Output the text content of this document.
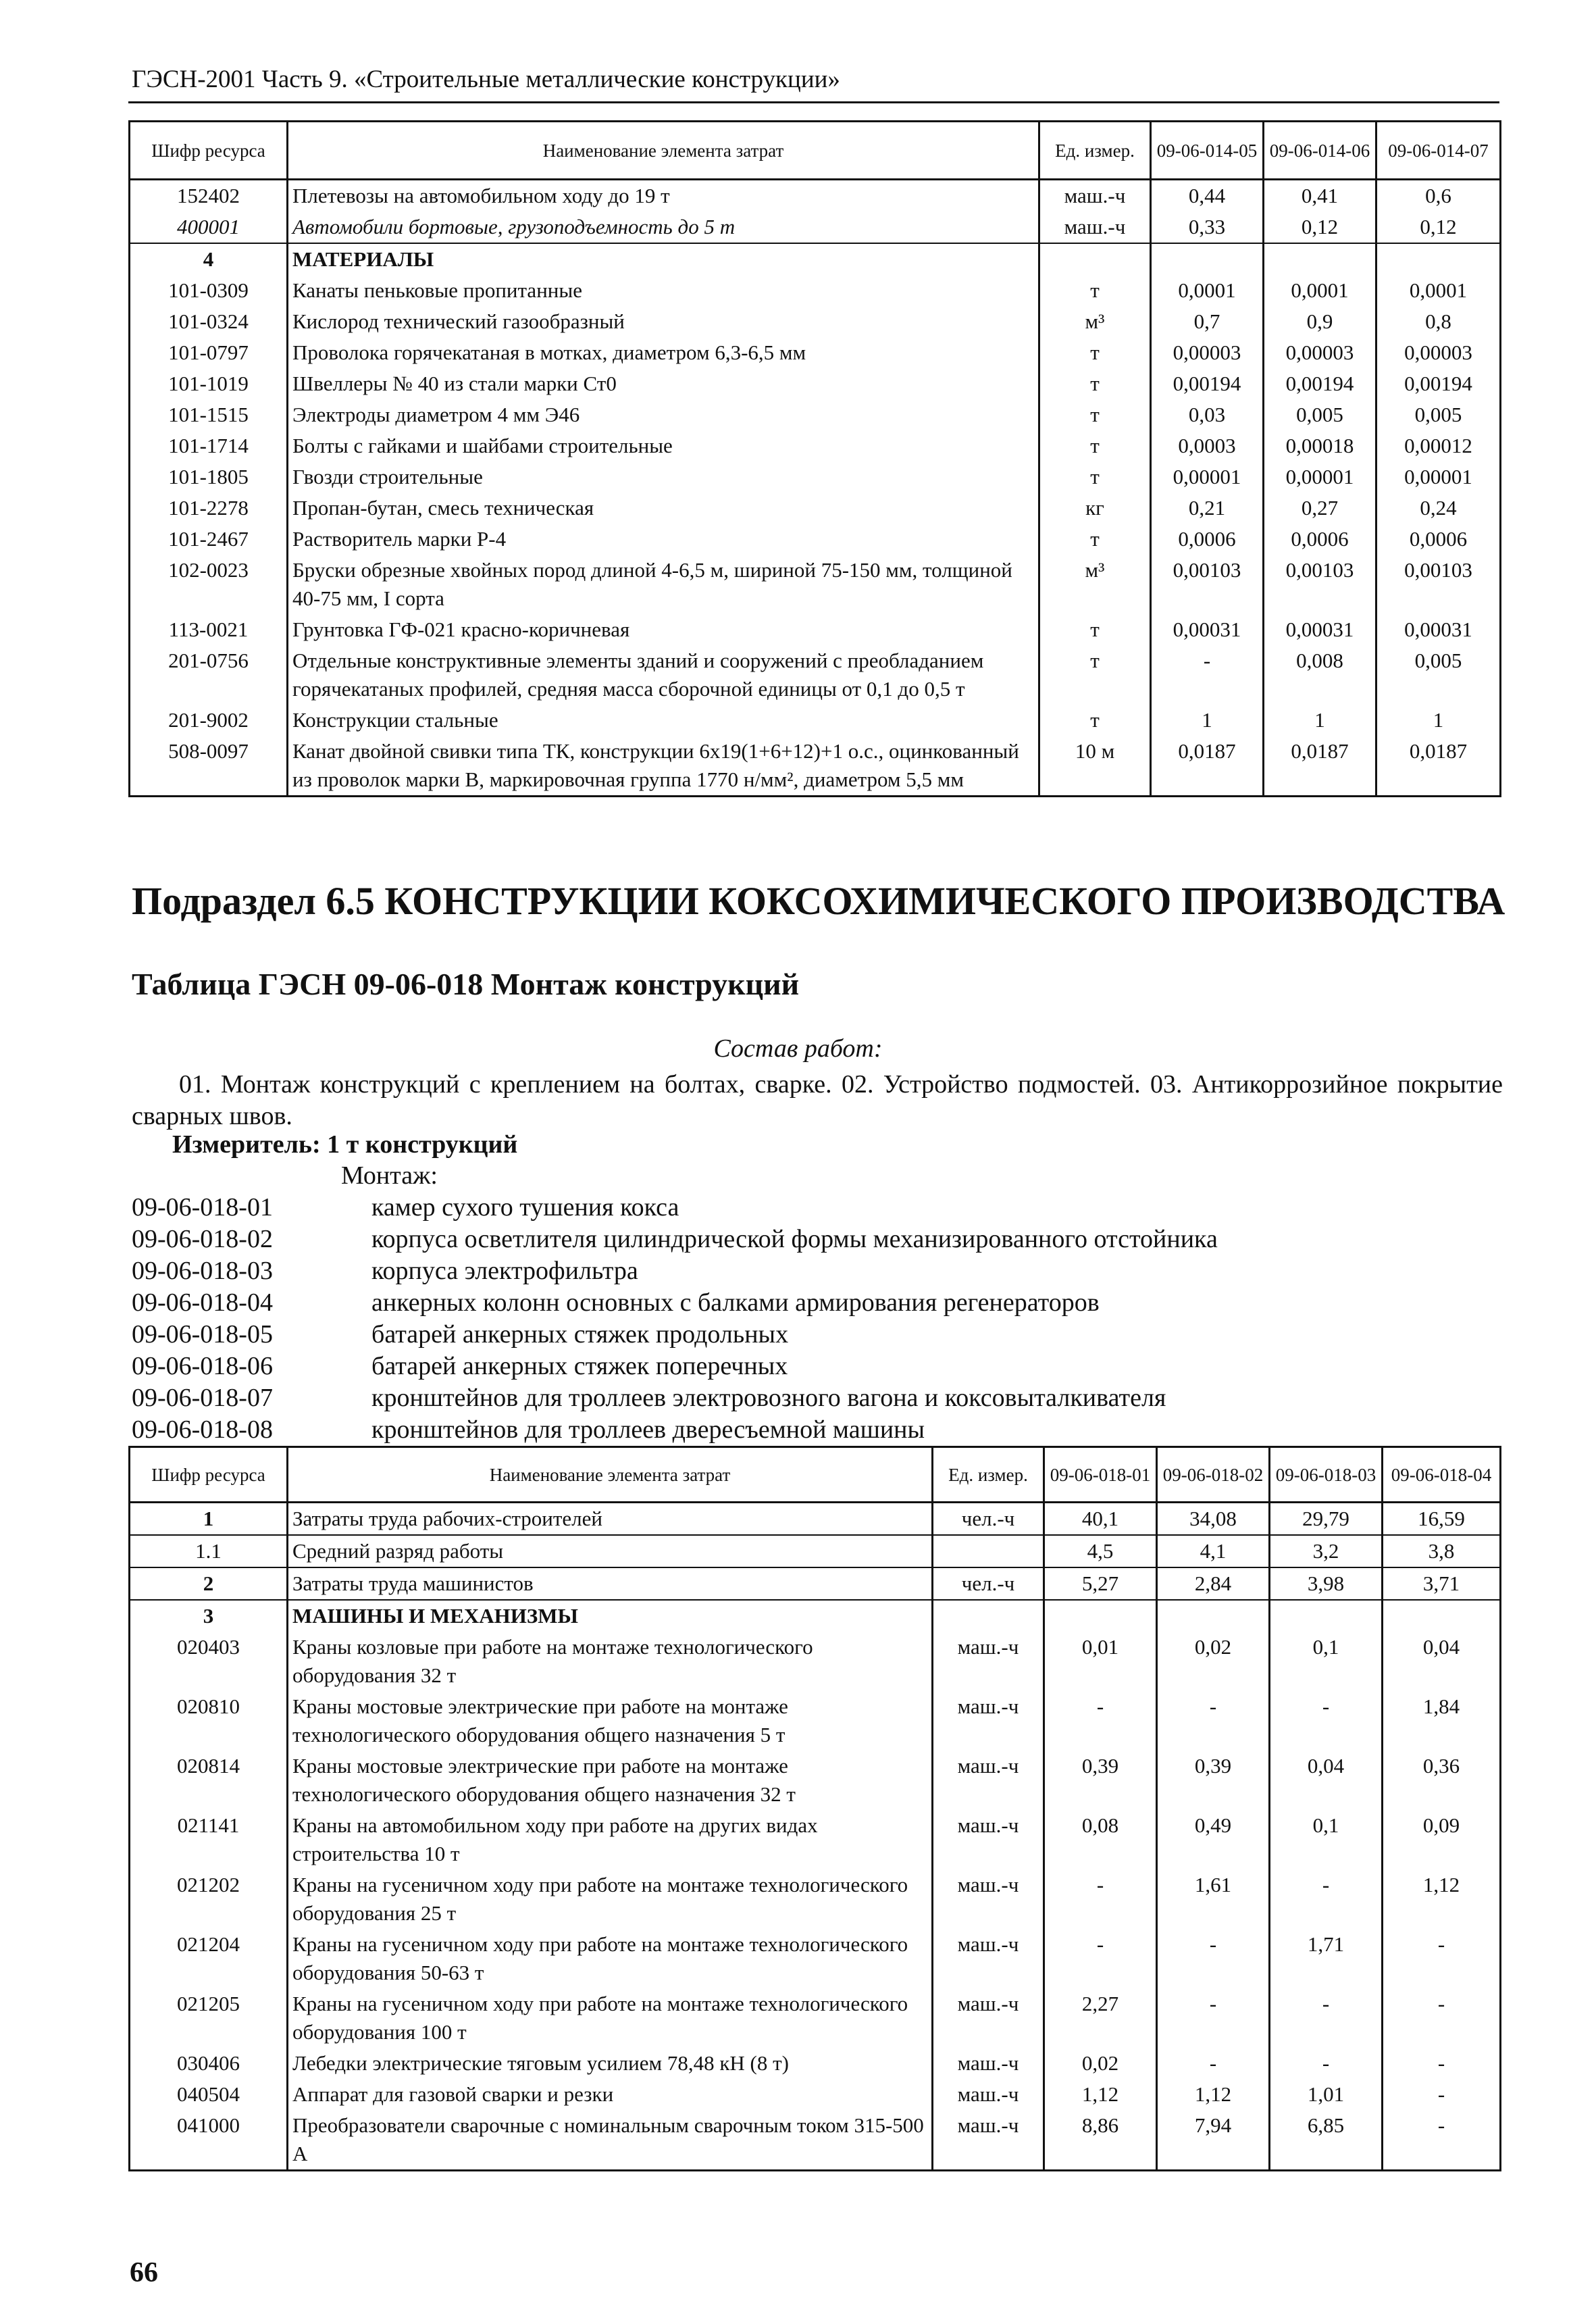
ГЭСН-2001 Часть 9. «Строительные металлические конструкции»
Шифр ресурса	Наименование элемента затрат	Ед. измер.	09-06-014-05	09-06-014-06	09-06-014-07
152402	Плетевозы на автомобильном ходу до 19 т	маш.-ч	0,44	0,41	0,6
400001	Автомобили бортовые, грузоподъемность до 5 т	маш.-ч	0,33	0,12	0,12
4	МАТЕРИАЛЫ				
101-0309	Канаты пеньковые пропитанные	т	0,0001	0,0001	0,0001
101-0324	Кислород технический газообразный	м³	0,7	0,9	0,8
101-0797	Проволока горячекатаная в мотках, диаметром 6,3-6,5 мм	т	0,00003	0,00003	0,00003
101-1019	Швеллеры № 40 из стали марки Ст0	т	0,00194	0,00194	0,00194
101-1515	Электроды диаметром 4 мм Э46	т	0,03	0,005	0,005
101-1714	Болты с гайками и шайбами строительные	т	0,0003	0,00018	0,00012
101-1805	Гвозди строительные	т	0,00001	0,00001	0,00001
101-2278	Пропан-бутан, смесь техническая	кг	0,21	0,27	0,24
101-2467	Растворитель марки Р-4	т	0,0006	0,0006	0,0006
102-0023	Бруски обрезные хвойных пород длиной 4-6,5 м, шириной 75-150 мм, толщиной 40-75 мм, I сорта	м³	0,00103	0,00103	0,00103
113-0021	Грунтовка ГФ-021 красно-коричневая	т	0,00031	0,00031	0,00031
201-0756	Отдельные конструктивные элементы зданий и сооружений с преобладанием горячекатаных профилей, средняя масса сборочной единицы от 0,1 до 0,5 т	т	-	0,008	0,005
201-9002	Конструкции стальные	т	1	1	1
508-0097	Канат двойной свивки типа ТК, конструкции 6х19(1+6+12)+1 о.с., оцинкованный из проволок марки В, маркировочная группа 1770 н/мм², диаметром 5,5 мм	10 м	0,0187	0,0187	0,0187
Подраздел 6.5 КОНСТРУКЦИИ КОКСОХИМИЧЕСКОГО ПРОИЗВОДСТВА
Таблица ГЭСН 09-06-018 Монтаж конструкций
Состав работ:
01. Монтаж конструкций с креплением на болтах, сварке. 02. Устройство подмостей. 03. Антикоррозийное покрытие сварных швов.
Измеритель: 1 т конструкций
Монтаж:
09-06-018-01	камер сухого тушения кокса
09-06-018-02	корпуса осветлителя цилиндрической формы механизированного отстойника
09-06-018-03	корпуса электрофильтра
09-06-018-04	анкерных колонн основных с балками армирования регенераторов
09-06-018-05	батарей анкерных стяжек продольных
09-06-018-06	батарей анкерных стяжек поперечных
09-06-018-07	кронштейнов для троллеев электровозного вагона и коксовыталкивателя
09-06-018-08	кронштейнов для троллеев двересъемной машины
Шифр ресурса	Наименование элемента затрат	Ед. измер.	09-06-018-01	09-06-018-02	09-06-018-03	09-06-018-04
1	Затраты труда рабочих-строителей	чел.-ч	40,1	34,08	29,79	16,59
1.1	Средний разряд работы		4,5	4,1	3,2	3,8
2	Затраты труда машинистов	чел.-ч	5,27	2,84	3,98	3,71
3	МАШИНЫ И МЕХАНИЗМЫ					
020403	Краны козловые при работе на монтаже технологического оборудования 32 т	маш.-ч	0,01	0,02	0,1	0,04
020810	Краны мостовые электрические при работе на монтаже технологического оборудования общего назначения 5 т	маш.-ч	-	-	-	1,84
020814	Краны мостовые электрические при работе на монтаже технологического оборудования общего назначения 32 т	маш.-ч	0,39	0,39	0,04	0,36
021141	Краны на автомобильном ходу при работе на других видах строительства 10 т	маш.-ч	0,08	0,49	0,1	0,09
021202	Краны на гусеничном ходу при работе на монтаже технологического оборудования 25 т	маш.-ч	-	1,61	-	1,12
021204	Краны на гусеничном ходу при работе на монтаже технологического оборудования 50-63 т	маш.-ч	-	-	1,71	-
021205	Краны на гусеничном ходу при работе на монтаже технологического оборудования 100 т	маш.-ч	2,27	-	-	-
030406	Лебедки электрические тяговым усилием 78,48 кН (8 т)	маш.-ч	0,02	-	-	-
040504	Аппарат для газовой сварки и резки	маш.-ч	1,12	1,12	1,01	-
041000	Преобразователи сварочные с номинальным сварочным током 315-500 А	маш.-ч	8,86	7,94	6,85	-
66
